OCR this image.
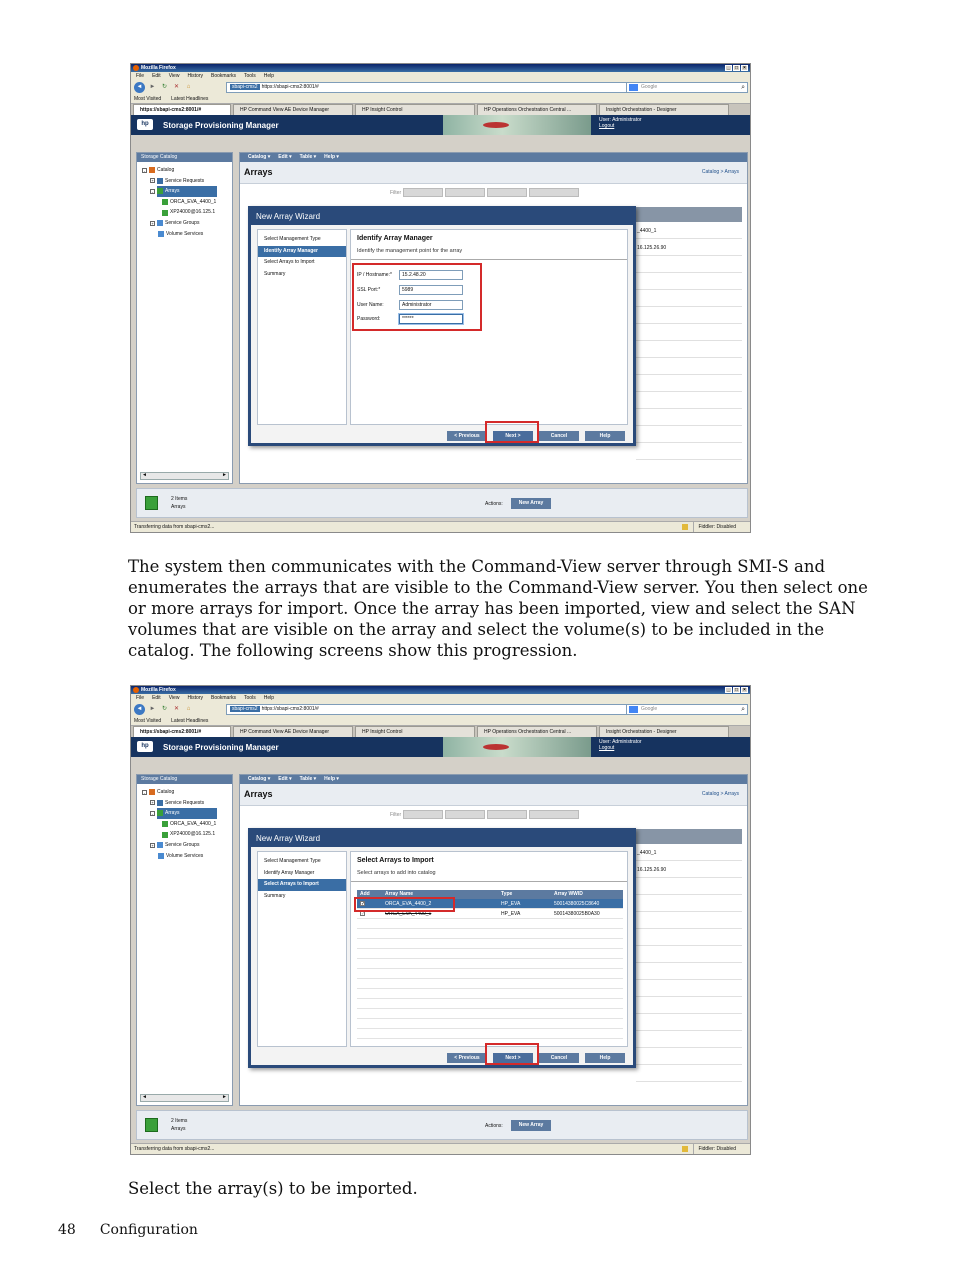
Mozilla Firefox	_	□	×
File Edit View History Bookmarks Tools Help
◄	►	↻	✕	⌂	sbapi-cms2 https://sbapi-cms2:8001/#	Google	⌕
Most Visited Latest Headlines
https://sbapi-cms2:8001/#	HP Command View AE Device Manager	HP Insight Control	HP Operations Orchestration Central ...	Insight Orchestration - Designer
hp	Storage Provisioning Manager
User: Administrator
Logout
Storage Catalog
-	Catalog
+ Service Requests
-	Arrays
ORCA_EVA_4400_1
XP24000@16.125.1
+ Service Groups
Volume Services
◄ ►
Catalog ▾ Edit ▾ Table ▾ Help ▾
Arrays	Catalog > Arrays
Filter
_4400_1
16.125.26.90
2 Items
Arrays	Actions:	New Array
Transferring data from sbapi-cms2...	Fiddler: Disabled
New Array Wizard
Select Management Type
Identify Array Manager
Select Arrays to Import
Summary
Identify Array Manager
Identify the management point for the array
IP / Hostname:*	15.2.48.20
SSL Port:*	5989
User Name:	Administrator
Password:	******
< Previous	Next >	Cancel	Help

The system then communicates with the Command-View server through SMI-S and enumerates the arrays that are visible to the Command-View server. You then select one or more arrays for import. Once the array has been imported, view and select the SAN volumes that are visible on the array and select the volume(s) to be included in the catalog. The following screens show this progression.

Mozilla Firefox	_	□	×
File Edit View History Bookmarks Tools Help
◄	►	↻	✕	⌂	sbapi-cms2 https://sbapi-cms2:8001/#	Google	⌕
Most Visited Latest Headlines
https://sbapi-cms2:8001/#	HP Command View AE Device Manager	HP Insight Control	HP Operations Orchestration Central ...	Insight Orchestration - Designer
hp	Storage Provisioning Manager
User: Administrator
Logout
Storage Catalog
-	Catalog
+ Service Requests
-	Arrays
ORCA_EVA_4400_1
XP24000@16.125.1
+ Service Groups
Volume Services
◄ ►
Catalog ▾ Edit ▾ Table ▾ Help ▾
Arrays	Catalog > Arrays
Filter
_4400_1
16.125.26.90
2 Items
Arrays	Actions:	New Array
Transferring data from sbapi-cms2...	Fiddler: Disabled
New Array Wizard
Select Management Type
Identify Array Manager
Select Arrays to Import
Summary
Select Arrays to Import
Select arrays to add into catalog
Add	Array Name	Type	Array WWID
✓	ORCA_EVA_4400_2	HP_EVA	50014380025C8640
✓	ORCA_EVA_4400_1	HP_EVA	50014380025B0A30
< Previous	Next >	Cancel	Help

Select the array(s) to be imported.

48 Configuration
